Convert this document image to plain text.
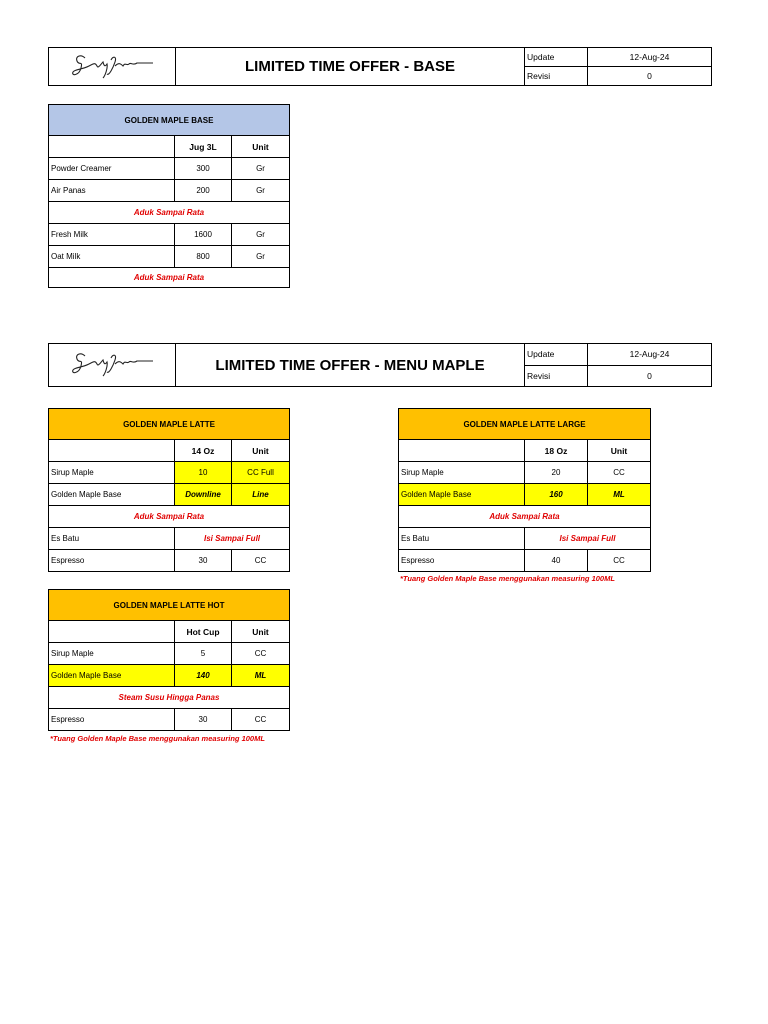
LIMITED TIME OFFER - BASE
Update	12-Aug-24
Revisi	0
GOLDEN MAPLE BASE		
	Jug 3L	Unit
Powder Creamer	300	Gr
Air Panas	200	Gr
Aduk Sampai Rata		
Fresh Milk	1600	Gr
Oat Milk	800	Gr
Aduk Sampai Rata		
LIMITED TIME OFFER - MENU MAPLE
Update	12-Aug-24
Revisi	0
GOLDEN MAPLE LATTE		
	14 Oz	Unit
Sirup Maple	10	CC Full
Golden Maple Base	Downline	Line
Aduk Sampai Rata		
Es Batu	Isi Sampai Full	
Espresso	30	CC
GOLDEN MAPLE LATTE LARGE		
	18 Oz	Unit
Sirup Maple	20	CC
Golden Maple Base	160	ML
Aduk Sampai Rata		
Es Batu	Isi Sampai Full	
Espresso	40	CC
*Tuang Golden Maple Base menggunakan measuring 100ML
GOLDEN MAPLE LATTE HOT		
	Hot Cup	Unit
Sirup Maple	5	CC
Golden Maple Base	140	ML
Steam Susu Hingga Panas		
Espresso	30	CC
*Tuang Golden Maple Base menggunakan measuring 100ML
